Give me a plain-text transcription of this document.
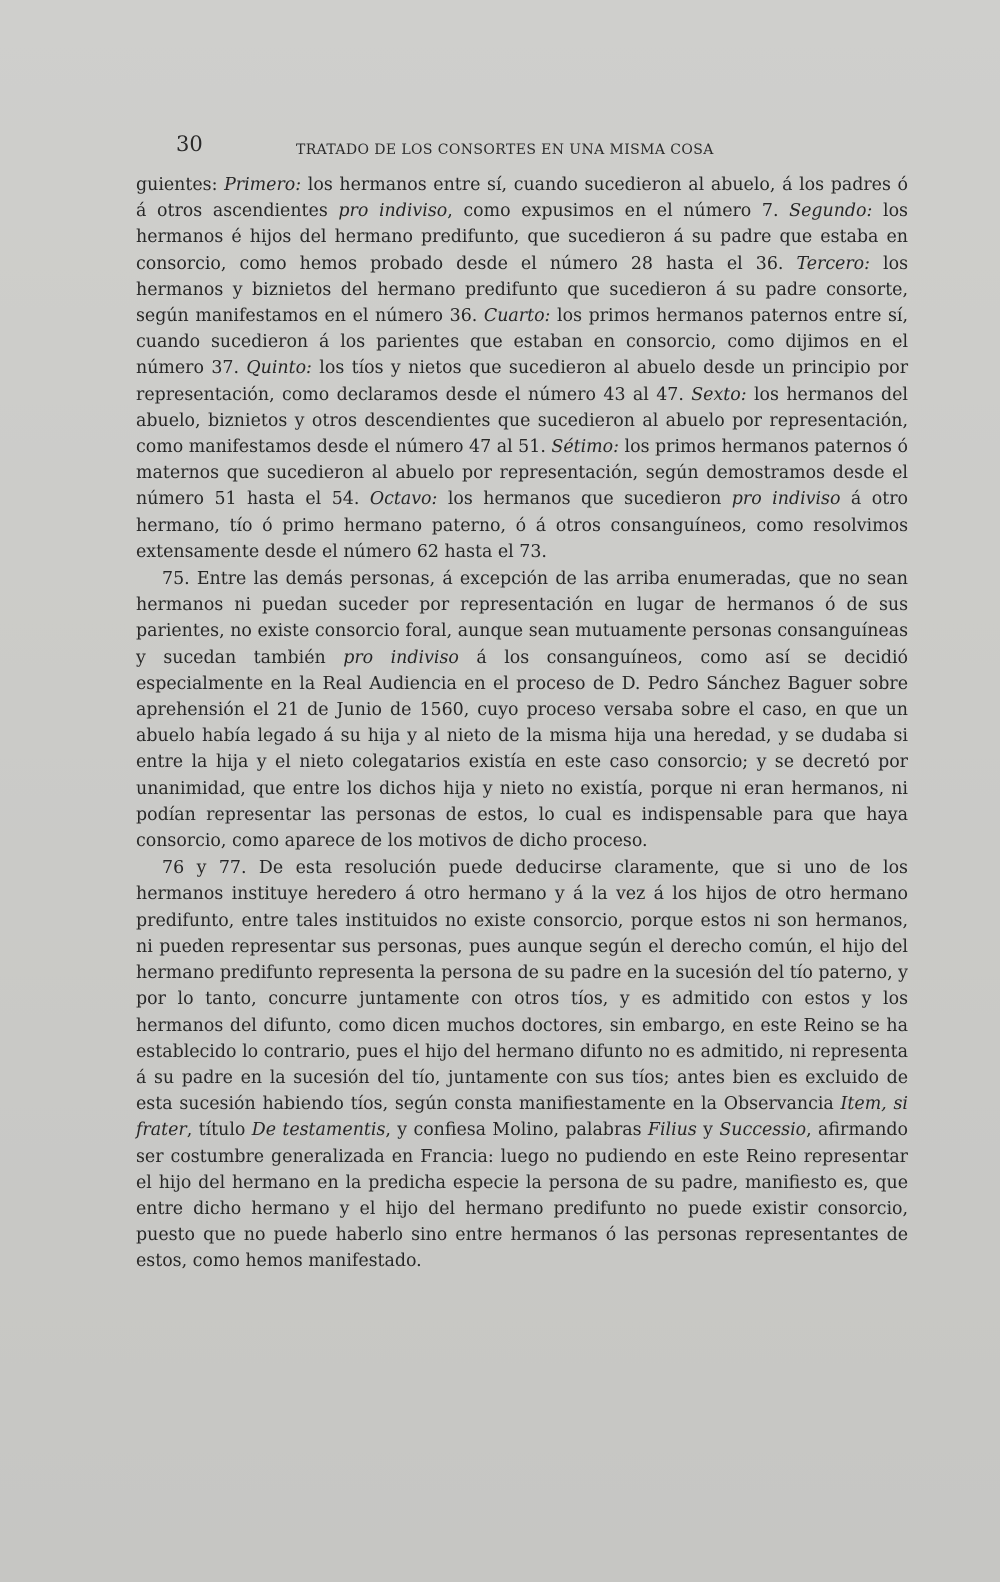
30	TRATADO DE LOS CONSORTES EN UNA MISMA COSA

guientes: Primero: los hermanos entre sí, cuando sucedieron al abuelo, á los padres ó á otros ascendientes pro indiviso, como expusimos en el número 7. Segundo: los hermanos é hijos del hermano predifunto, que sucedieron á su padre que estaba en consorcio, como hemos probado desde el número 28 hasta el 36. Tercero: los hermanos y biznietos del hermano predifunto que sucedieron á su padre consorte, según manifestamos en el número 36. Cuarto: los primos hermanos paternos entre sí, cuando sucedieron á los parientes que estaban en consorcio, como dijimos en el número 37. Quinto: los tíos y nietos que sucedieron al abuelo desde un principio por representación, como declaramos desde el número 43 al 47. Sexto: los hermanos del abuelo, biznietos y otros descendientes que sucedieron al abuelo por representación, como manifestamos desde el número 47 al 51. Sétimo: los primos hermanos paternos ó maternos que sucedieron al abuelo por representación, según demostramos desde el número 51 hasta el 54. Octavo: los hermanos que sucedieron pro indiviso á otro hermano, tío ó primo hermano paterno, ó á otros consanguíneos, como resolvimos extensamente desde el número 62 hasta el 73.

75. Entre las demás personas, á excepción de las arriba enumeradas, que no sean hermanos ni puedan suceder por representación en lugar de hermanos ó de sus parientes, no existe consorcio foral, aunque sean mutuamente personas consanguíneas y sucedan también pro indiviso á los consanguíneos, como así se decidió especialmente en la Real Audiencia en el proceso de D. Pedro Sánchez Baguer sobre aprehensión el 21 de Junio de 1560, cuyo proceso versaba sobre el caso, en que un abuelo había legado á su hija y al nieto de la misma hija una heredad, y se dudaba si entre la hija y el nieto colegatarios existía en este caso consorcio; y se decretó por unanimidad, que entre los dichos hija y nieto no existía, porque ni eran hermanos, ni podían representar las personas de estos, lo cual es indispensable para que haya consorcio, como aparece de los motivos de dicho proceso.

76 y 77. De esta resolución puede deducirse claramente, que si uno de los hermanos instituye heredero á otro hermano y á la vez á los hijos de otro hermano predifunto, entre tales instituidos no existe consorcio, porque estos ni son hermanos, ni pueden representar sus personas, pues aunque según el derecho común, el hijo del hermano predifunto representa la persona de su padre en la sucesión del tío paterno, y por lo tanto, concurre juntamente con otros tíos, y es admitido con estos y los hermanos del difunto, como dicen muchos doctores, sin embargo, en este Reino se ha establecido lo contrario, pues el hijo del hermano difunto no es admitido, ni representa á su padre en la sucesión del tío, juntamente con sus tíos; antes bien es excluido de esta sucesión habiendo tíos, según consta manifiestamente en la Observancia Item, si frater, título De testamentis, y confiesa Molino, palabras Filius y Successio, afirmando ser costumbre generalizada en Francia: luego no pudiendo en este Reino representar el hijo del hermano en la predicha especie la persona de su padre, manifiesto es, que entre dicho hermano y el hijo del hermano predifunto no puede existir consorcio, puesto que no puede haberlo sino entre hermanos ó las personas representantes de estos, como hemos manifestado.
